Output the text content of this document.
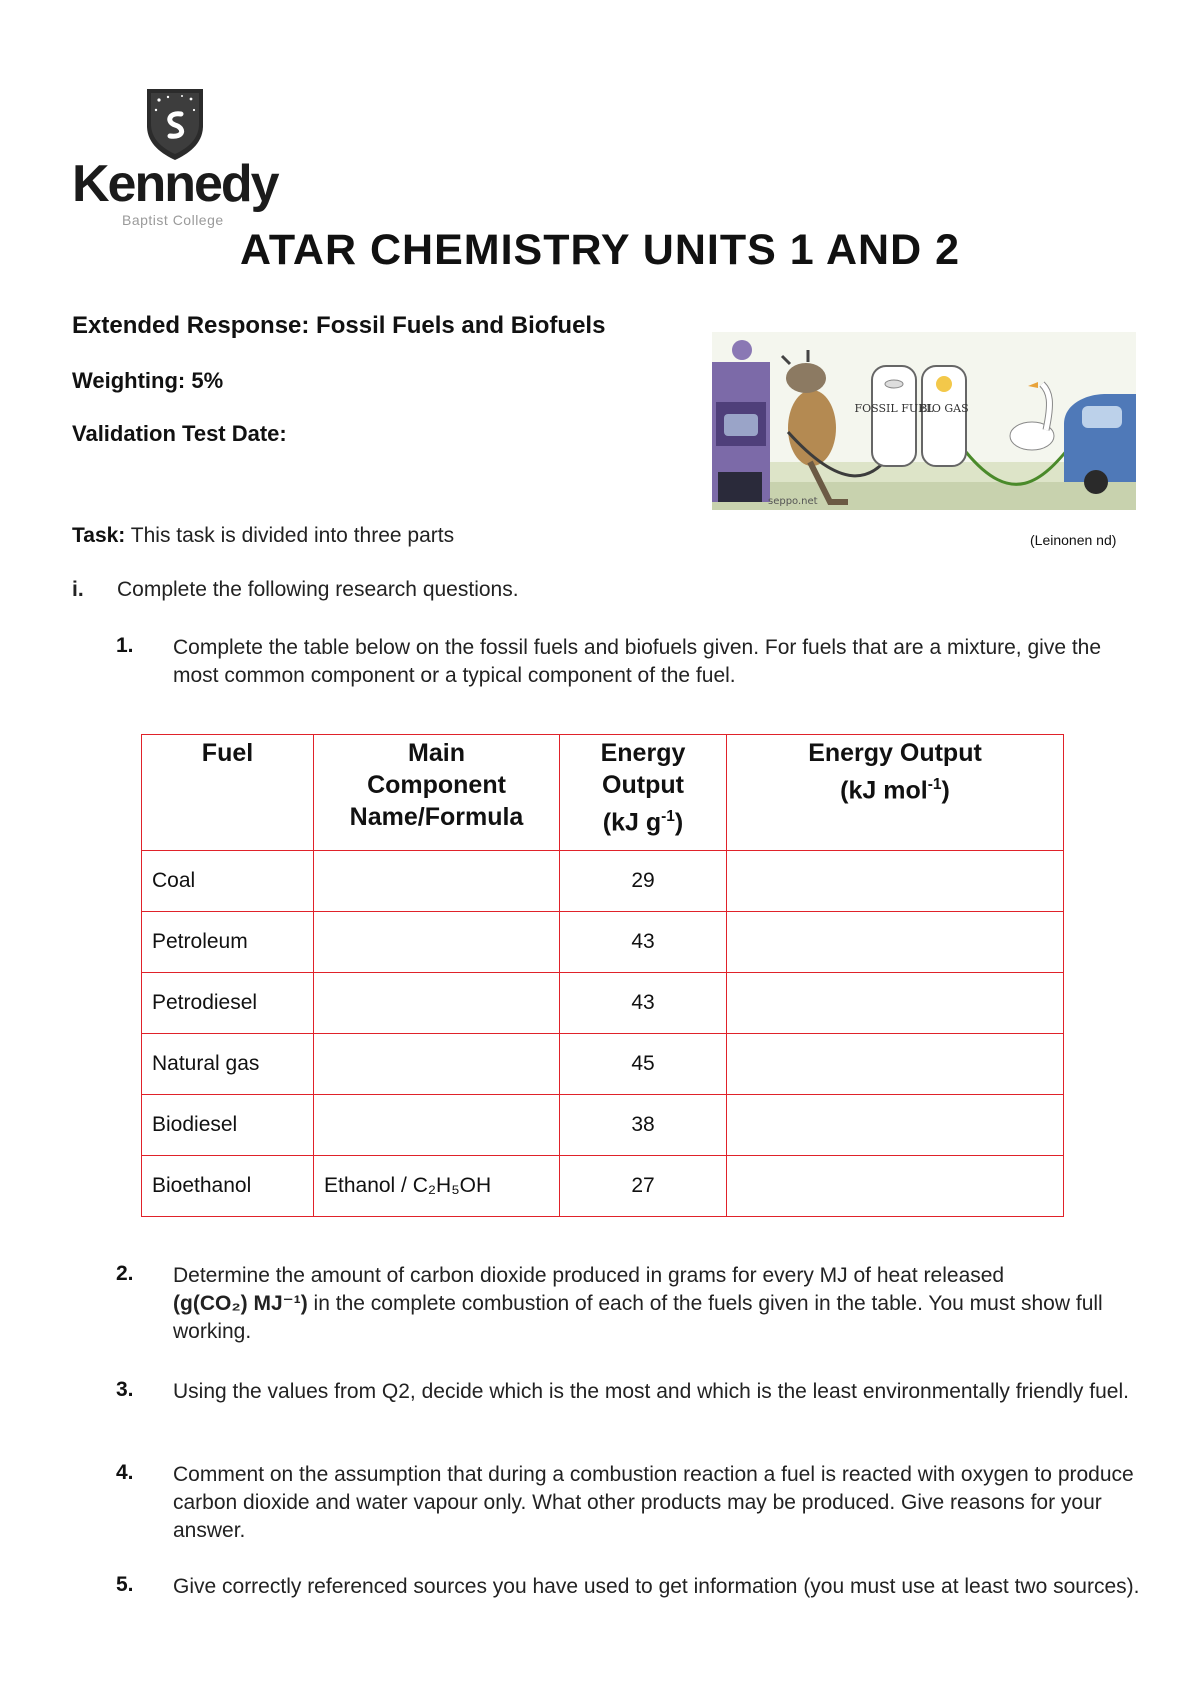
Kennedy
Baptist College
ATAR CHEMISTRY UNITS 1 AND 2
Extended Response: Fossil Fuels and Biofuels
Weighting: 5%
Validation Test Date:
FOSSIL FUEL
BIO GAS
seppo.net
(Leinonen nd)
Task: This task is divided into three parts
i. Complete the following research questions.
1. Complete the table below on the fossil fuels and biofuels given. For fuels that are a mixture, give the most common component or a typical component of the fuel.
Fuel	Main
Component
Name/Formula	Energy
Output
(kJ $g^{-1}$)	Energy Output
(kJ mol$^{-1}$)
Coal		29	
Petroleum		43	
Petrodiesel		43	
Natural gas		45	
Biodiesel		38	
Bioethanol	Ethanol / C₂H₅OH	27	
2. Determine the amount of carbon dioxide produced in grams for every MJ of heat released
(g(CO₂) MJ⁻¹) in the complete combustion of each of the fuels given in the table. You must show full working.
3. Using the values from Q2, decide which is the most and which is the least environmentally friendly fuel.
4. Comment on the assumption that during a combustion reaction a fuel is reacted with oxygen to produce carbon dioxide and water vapour only. What other products may be produced. Give reasons for your answer.
5. Give correctly referenced sources you have used to get information (you must use at least two sources).
